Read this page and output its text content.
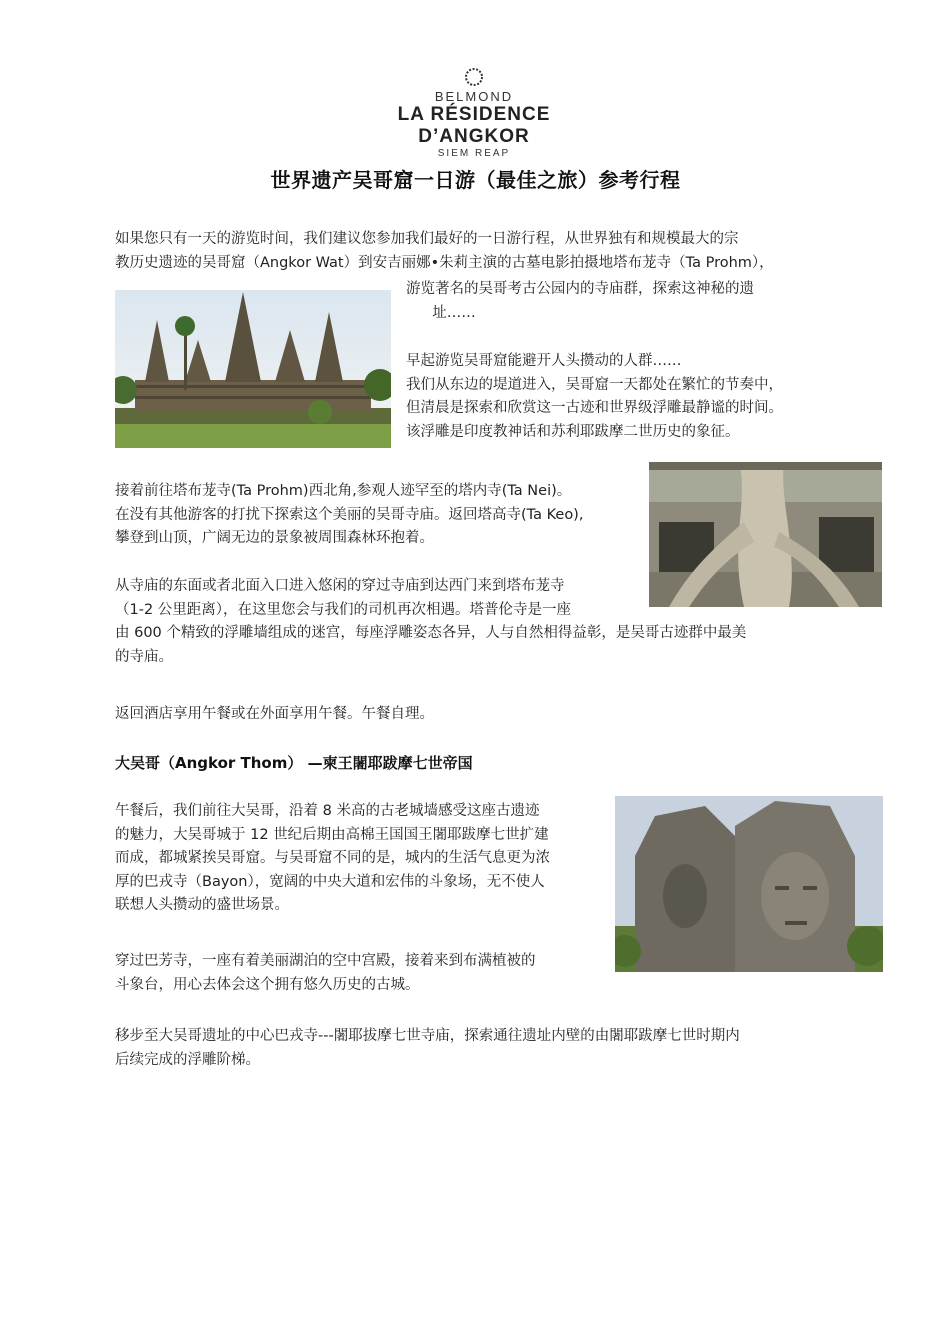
BELMOND
LA RÉSIDENCE D’ANGKOR
SIEM REAP
世界遗产吴哥窟一日游（最佳之旅）参考行程
如果您只有一天的游览时间，我们建议您参加我们最好的一日游行程，从世界独有和规模最大的宗
教历史遗迹的吴哥窟（Angkor Wat）到安吉丽娜•朱莉主演的古墓电影拍摄地塔布茏寺（Ta Prohm），
游览著名的吴哥考古公园内的寺庙群，探索这神秘的遗
址……
早起游览吴哥窟能避开人头攒动的人群……
我们从东边的堤道进入，吴哥窟一天都处在繁忙的节奏中，
但清晨是探索和欣赏这一古迹和世界级浮雕最静谧的时间。
该浮雕是印度教神话和苏利耶跋摩二世历史的象征。
接着前往塔布茏寺(Ta Prohm)西北角,参观人迹罕至的塔内寺(Ta Nei)。
在没有其他游客的打扰下探索这个美丽的吴哥寺庙。返回塔高寺(Ta Keo),
攀登到山顶，广阔无边的景象被周围森林环抱着。
从寺庙的东面或者北面入口进入悠闲的穿过寺庙到达西门来到塔布茏寺
（1-2 公里距离），在这里您会与我们的司机再次相遇。塔普伦寺是一座
由 600 个精致的浮雕墙组成的迷宫，每座浮雕姿态各异，人与自然相得益彰，是吴哥古迹群中最美
的寺庙。
返回酒店享用午餐或在外面享用午餐。午餐自理。
大吴哥（Angkor Thom） —柬王闍耶跋摩七世帝国
午餐后，我们前往大吴哥，沿着 8 米高的古老城墙感受这座古遗迹
的魅力，大吴哥城于 12 世纪后期由高棉王国国王闍耶跋摩七世扩建
而成，都城紧挨吴哥窟。与吴哥窟不同的是，城内的生活气息更为浓
厚的巴戎寺（Bayon），宽阔的中央大道和宏伟的斗象场，无不使人
联想人头攒动的盛世场景。
穿过巴芳寺，一座有着美丽湖泊的空中宫殿，接着来到布满植被的
斗象台，用心去体会这个拥有悠久历史的古城。
移步至大吴哥遗址的中心巴戎寺---闍耶拔摩七世寺庙，探索通往遗址内壁的由闍耶跋摩七世时期内
后续完成的浮雕阶梯。
